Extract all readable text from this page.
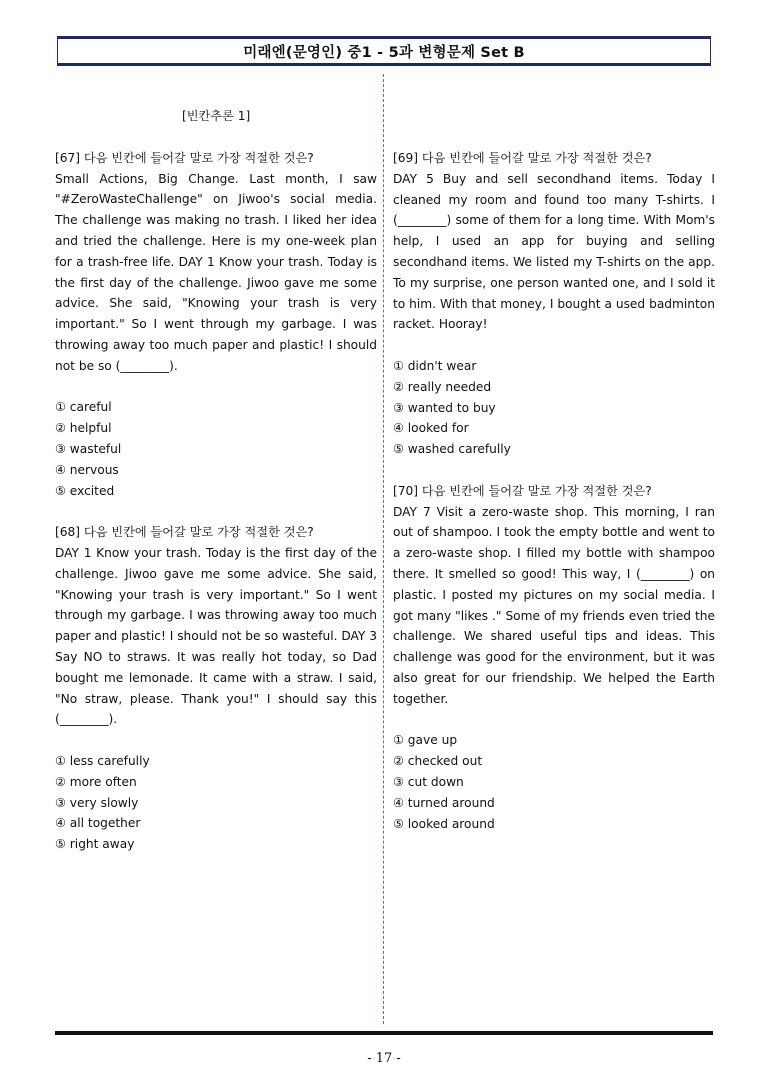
미래엔(문영인) 중1 - 5과 변형문제 Set B
[빈칸추론 1]

[67] 다음 빈칸에 들어갈 말로 가장 적절한 것은?

Small Actions, Big Change. Last month, I saw "#ZeroWasteChallenge" on Jiwoo's social media. The challenge was making no trash. I liked her idea and tried the challenge. Here is my one-week plan for a trash-free life. DAY 1 Know your trash. Today is the first day of the challenge. Jiwoo gave me some advice. She said, "Knowing your trash is very important." So I went through my garbage. I was throwing away too much paper and plastic! I should not be so (________).

① careful
② helpful
③ wasteful
④ nervous
⑤ excited

[68] 다음 빈칸에 들어갈 말로 가장 적절한 것은?

DAY 1 Know your trash. Today is the first day of the challenge. Jiwoo gave me some advice. She said, "Knowing your trash is very important." So I went through my garbage. I was throwing away too much paper and plastic! I should not be so wasteful. DAY 3 Say NO to straws. It was really hot today, so Dad bought me lemonade. It came with a straw. I said, "No straw, please. Thank you!" I should say this (________).

① less carefully
② more often
③ very slowly
④ all together
⑤ right away

[69] 다음 빈칸에 들어갈 말로 가장 적절한 것은?

DAY 5 Buy and sell secondhand items. Today I cleaned my room and found too many T-shirts. I (________) some of them for a long time. With Mom's help, I used an app for buying and selling secondhand items. We listed my T-shirts on the app. To my surprise, one person wanted one, and I sold it to him. With that money, I bought a used badminton racket. Hooray!

① didn't wear
② really needed
③ wanted to buy
④ looked for
⑤ washed carefully

[70] 다음 빈칸에 들어갈 말로 가장 적절한 것은?

DAY 7 Visit a zero-waste shop. This morning, I ran out of shampoo. I took the empty bottle and went to a zero-waste shop. I filled my bottle with shampoo there. It smelled so good! This way, I (________) on plastic. I posted my pictures on my social media. I got many "likes ." Some of my friends even tried the challenge. We shared useful tips and ideas. This challenge was good for the environment, but it was also great for our friendship. We helped the Earth together.

① gave up
② checked out
③ cut down
④ turned around
⑤ looked around
- 17 -
